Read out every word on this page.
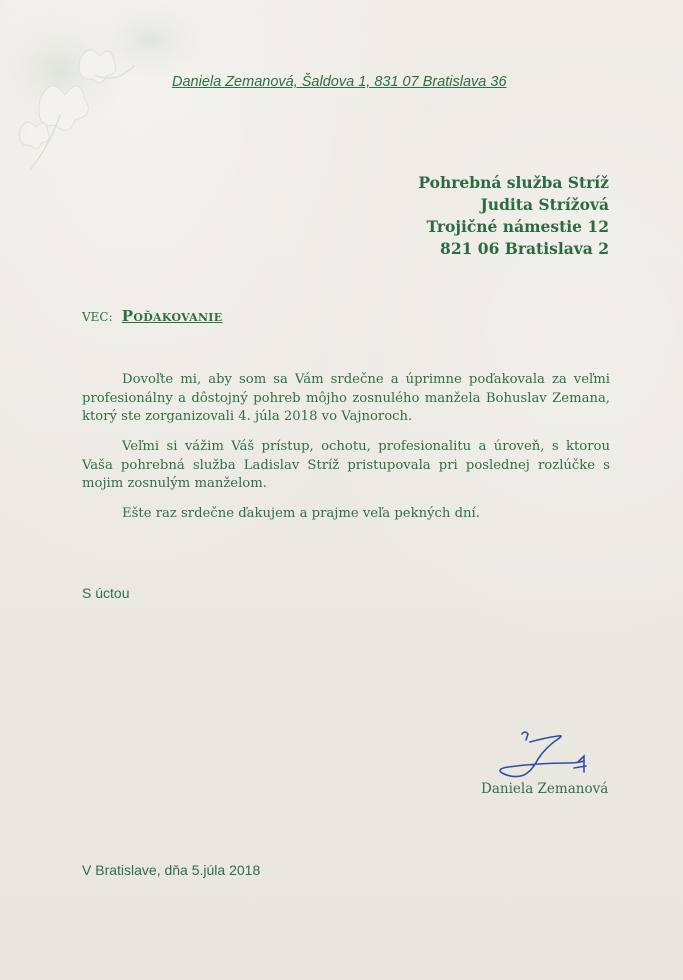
Daniela Zemanová, Šaldova 1, 831 07 Bratislava 36
Pohrebná služba Stríž
Judita Strížová
Trojičné námestie 12
821 06 Bratislava 2
VEC: Poďakovanie
Dovoľte mi, aby som sa Vám srdečne a úprimne poďakovala za veľmi profesionálny a dôstojný pohreb môjho zosnulého manžela Bohuslav Zemana, ktorý ste zorganizovali 4. júla 2018 vo Vajnoroch.
Veľmi si vážim Váš prístup, ochotu, profesionalitu a úroveň, s ktorou Vaša pohrebná služba Ladislav Stríž pristupovala pri poslednej rozlúčke s mojim zosnulým manželom.
Ešte raz srdečne ďakujem a prajme veľa pekných dní.
S úctou
Daniela Zemanová
V Bratislave, dňa 5.júla 2018
